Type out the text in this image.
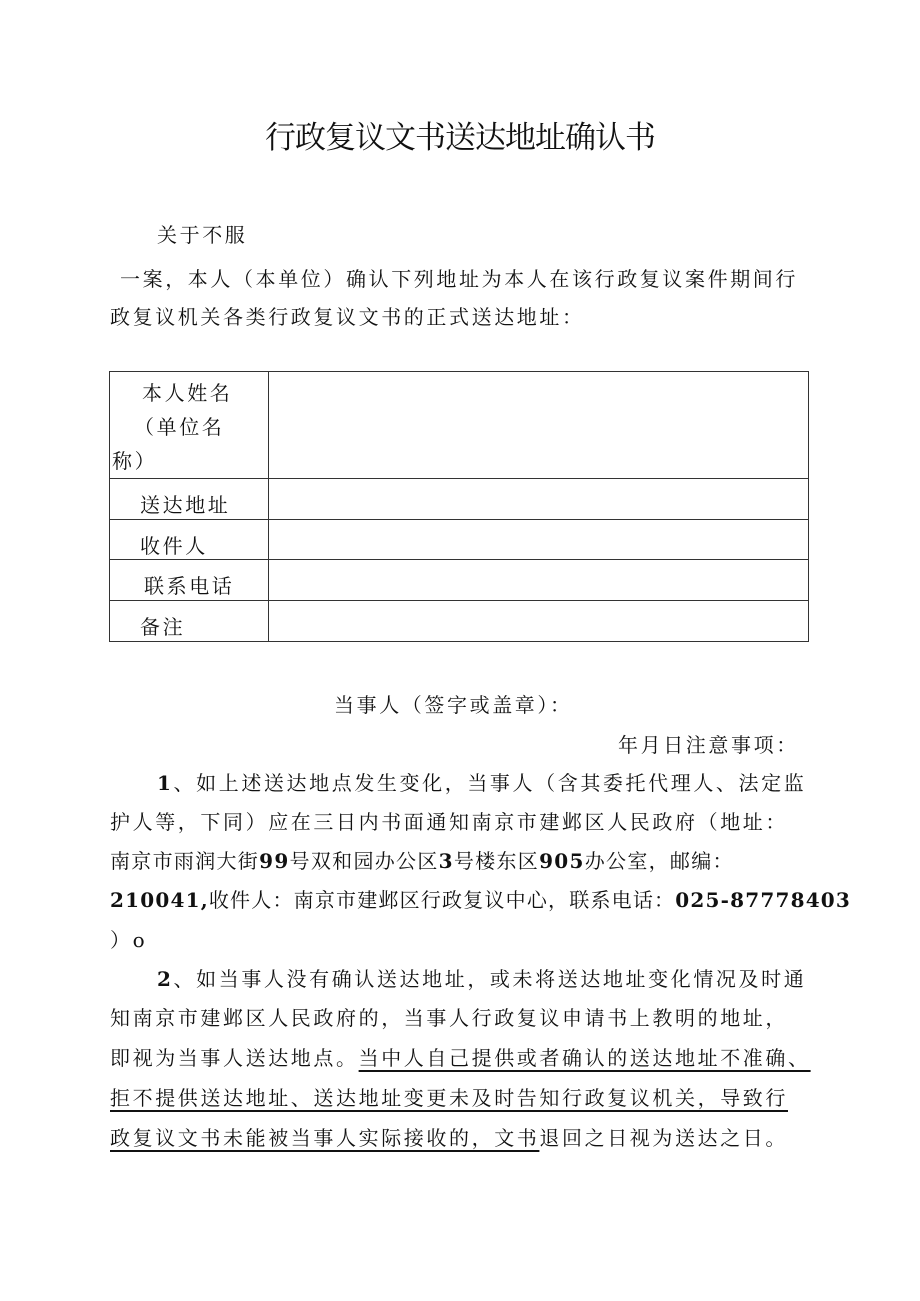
行政复议文书送达地址确认书
关于不服
一案，本人（本单位）确认下列地址为本人在该行政复议案件期间行
政复议机关各类行政复议文书的正式送达地址：
本人姓名
（单位名
称）	

送达地址	

收件人	

联系电话	

备注	

当事人（签字或盖章）：
年月日注意事项：
1、如上述送达地点发生变化，当事人（含其委托代理人、法定监
护人等，下同）应在三日内书面通知南京市建邺区人民政府（地址：
南京市雨润大街99号双和园办公区3号楼东区905办公室，邮编：
210041,收件人：南京市建邺区行政复议中心，联系电话：025-87778403
）o
2、如当事人没有确认送达地址，或未将送达地址变化情况及时通
知南京市建邺区人民政府的，当事人行政复议申请书上教明的地址，
即视为当事人送达地点。当中人自己提供或者确认的送达地址不准确、
拒不提供送达地址、送达地址变更未及时告知行政复议机关，导致行
政复议文书未能被当事人实际接收的，文书退回之日视为送达之日。
